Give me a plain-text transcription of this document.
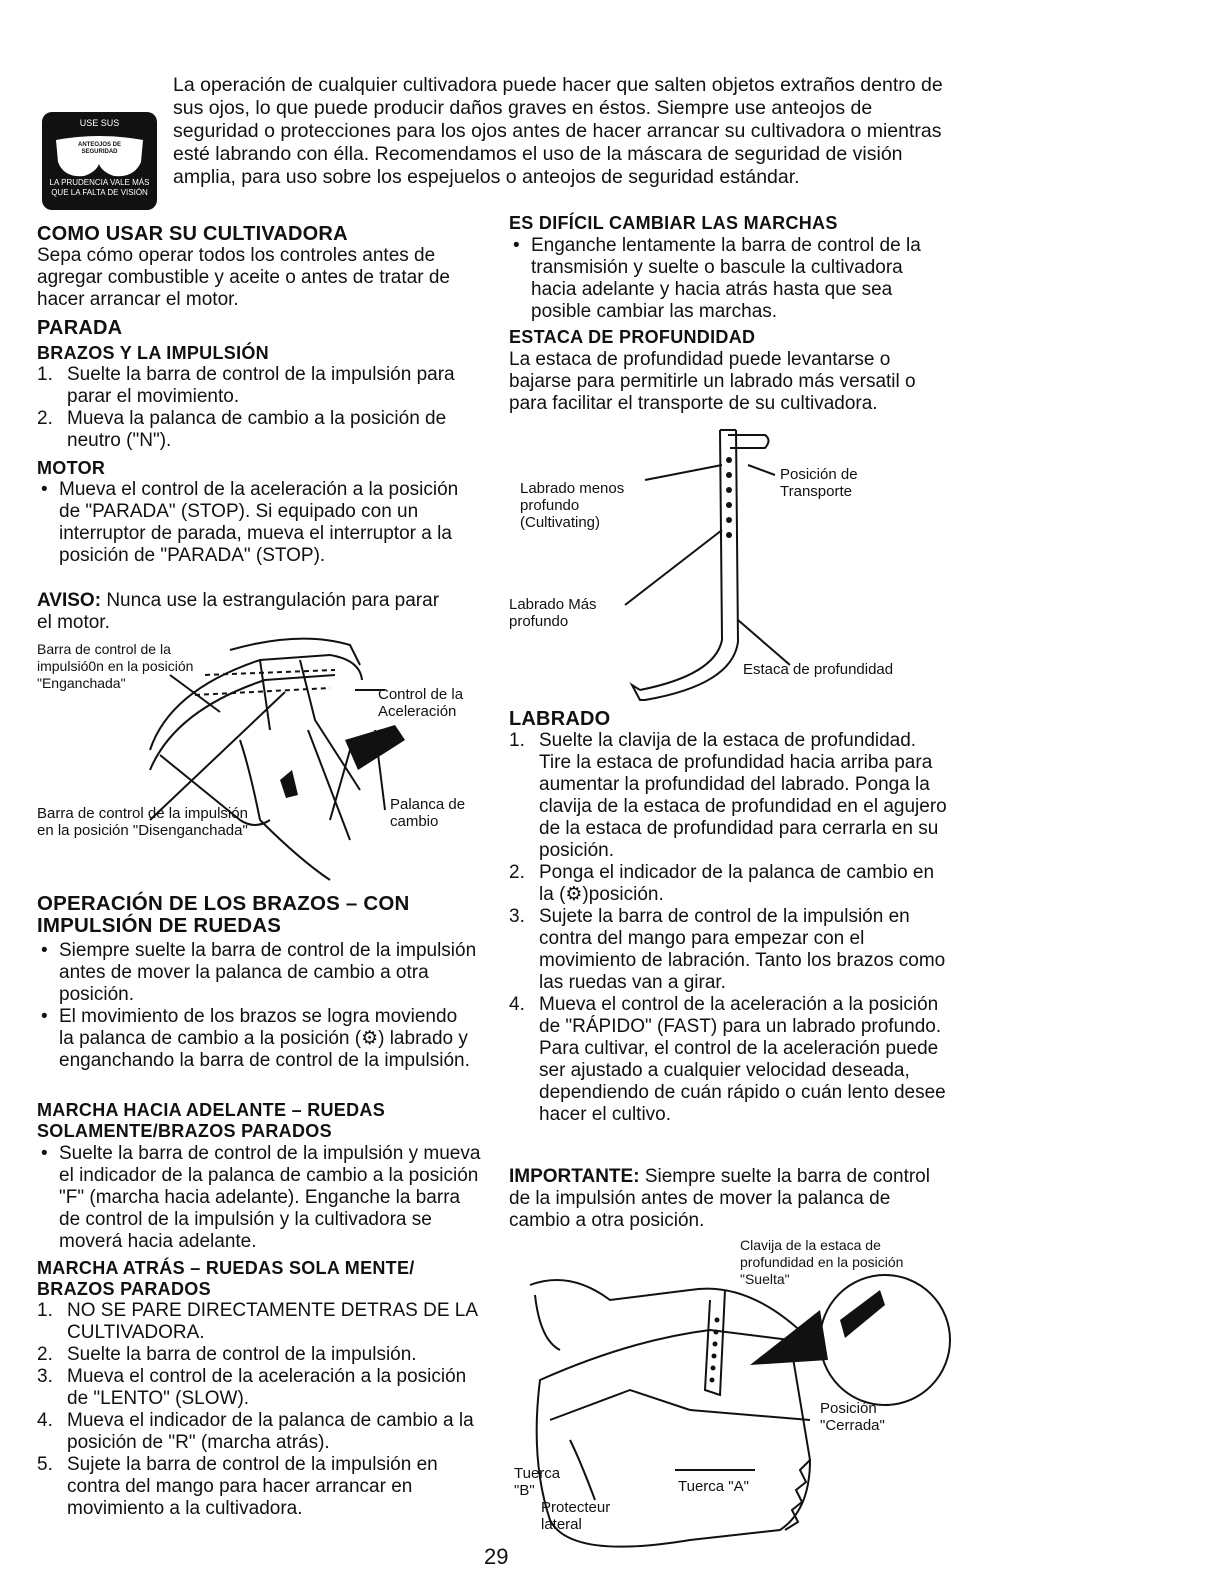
USE SUS
ANTEOJOS DE SEGURIDAD
LA PRUDENCIA VALE MÁS QUE LA FALTA DE VISIÓN
La operación de cualquier cultivadora puede hacer que salten objetos extraños dentro de sus ojos, lo que puede producir daños graves en éstos. Siempre use anteojos de seguridad o protecciones para los ojos antes de hacer arrancar su cultivadora o mientras esté labrando con élla. Recomendamos el uso de la máscara de seguridad de visión amplia, para uso sobre los espejuelos o anteojos de seguridad estándar.
COMO USAR SU CULTIVADORA
Sepa cómo operar todos los controles antes de agregar combustible y aceite o antes de tratar de hacer arrancar el motor.
PARADA
BRAZOS Y LA IMPULSIÓN
1. Suelte la barra de control de la impulsión para parar el movimiento.
2. Mueva la palanca de cambio a la posición de neutro ("N").
MOTOR
• Mueva el control de la aceleración a la posición de "PARADA" (STOP). Si equipado con un interruptor de parada, mueva el interruptor a la posición de "PARADA" (STOP).
AVISO: Nunca use la estrangulación para parar el motor.
Barra de control de la impulsió0n en la posición "Enganchada"
Control de la Aceleración
Barra de control de la impulsión en la posición "Disenganchada"
Palanca de cambio
OPERACIÓN DE LOS BRAZOS – CON IMPULSIÓN DE RUEDAS
• Siempre suelte la barra de control de la impulsión antes de mover la palanca de cambio a otra posición.
• El movimiento de los brazos se logra moviendo la palanca de cambio a la posición (⚙) labrado y enganchando la barra de control de la impulsión.
MARCHA HACIA ADELANTE – RUEDAS SOLAMENTE/BRAZOS PARADOS
• Suelte la barra de control de la impulsión y mueva el indicador de la palanca de cambio a la posición "F" (marcha hacia adelante). Enganche la barra de control de la impulsión y la cultivadora se moverá hacia adelante.
MARCHA ATRÁS – RUEDAS SOLA MENTE/ BRAZOS PARADOS
1. NO SE PARE DIRECTAMENTE DETRAS DE LA CULTIVADORA.
2. Suelte la barra de control de la impulsión.
3. Mueva el control de la aceleración a la posición de "LENTO" (SLOW).
4. Mueva el indicador de la palanca de cambio a la posición de "R" (marcha atrás).
5. Sujete la barra de control de la impulsión en contra del mango para hacer arrancar en movimiento a la cultivadora.
ES DIFÍCIL CAMBIAR LAS MARCHAS
• Enganche lentamente la barra de control de la transmisión y suelte o bascule la cultivadora hacia adelante y hacia atrás hasta que sea posible cambiar las marchas.
ESTACA DE PROFUNDIDAD
La estaca de profundidad puede levantarse o bajarse para permitirle un labrado más versatil o para facilitar el transporte de su cultivadora.
Labrado menos profundo (Cultivating)
Posición de Transporte
Labrado Más profundo
Estaca de profundidad
LABRADO
1. Suelte la clavija de la estaca de profundidad. Tire la estaca de profundidad hacia arriba para aumentar la profundidad del labrado. Ponga la clavija de la estaca de profundidad en el agujero de la estaca de profundidad para cerrarla en su posición.
2. Ponga el indicador de la palanca de cambio en la (⚙)posición.
3. Sujete la barra de control de la impulsión en contra del mango para empezar con el movimiento de labración. Tanto los brazos como las ruedas van a girar.
4. Mueva el control de la aceleración a la posición de "RÁPIDO" (FAST) para un labrado profundo. Para cultivar, el control de la aceleración puede ser ajustado a cualquier velocidad deseada, dependiendo de cuán rápido o cuán lento desee hacer el cultivo.
IMPORTANTE: Siempre suelte la barra de control de la impulsión antes de mover la palanca de cambio a otra posición.
Clavija de la estaca de profundidad en la posición "Suelta"
Posición "Cerrada"
Tuerca "A"
Tuerca "B"
Protecteur lateral
29
